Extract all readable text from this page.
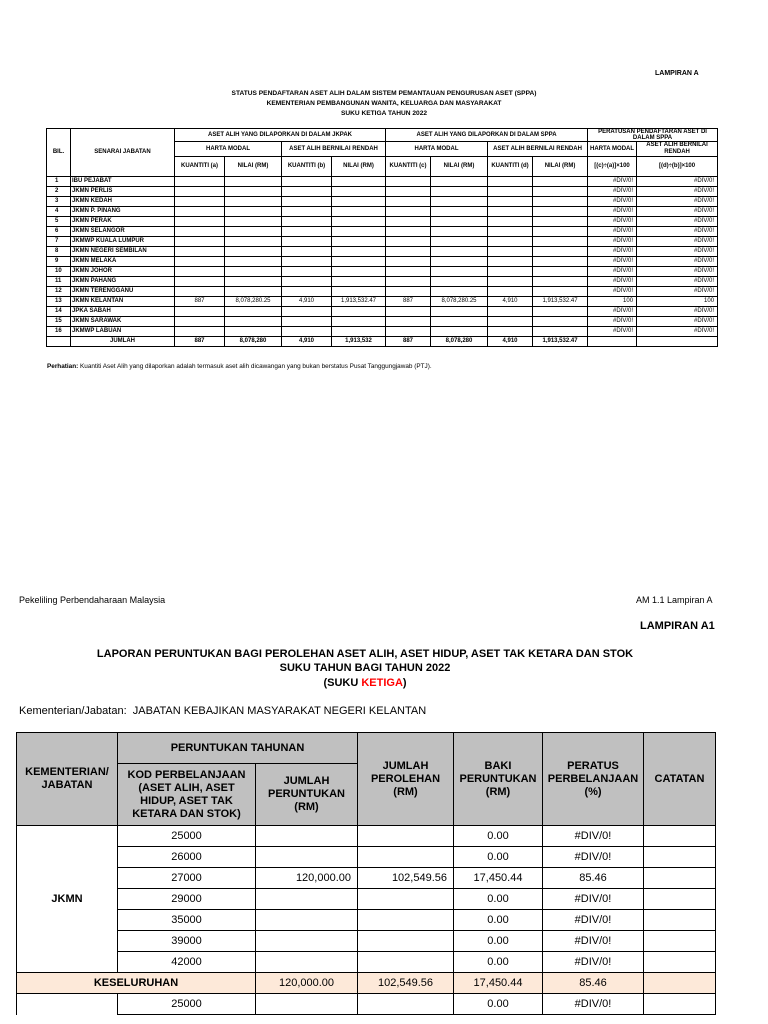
LAMPIRAN A
STATUS PENDAFTARAN ASET ALIH DALAM SISTEM PEMANTAUAN PENGURUSAN ASET (SPPA)
KEMENTERIAN PEMBANGUNAN WANITA, KELUARGA DAN MASYARAKAT
SUKU KETIGA TAHUN 2022
BIL.	SENARAI JABATAN	ASET ALIH YANG DILAPORKAN DI DALAM JKPAK				ASET ALIH YANG DILAPORKAN DI DALAM SPPA				PERATUSAN PENDAFTARAN ASET DI DALAM SPPA	
		HARTA MODAL		ASET ALIH BERNILAI RENDAH		HARTA MODAL		ASET ALIH BERNILAI RENDAH		HARTA MODAL	ASET ALIH BERNILAI RENDAH
		KUANTITI (a)	NILAI (RM)	KUANTITI (b)	NILAI (RM)	KUANTITI (c)	NILAI (RM)	KUANTITI (d)	NILAI (RM)	[(c)÷(a)]×100	[(d)÷(b)]×100
1	IBU PEJABAT									#DIV/0!	#DIV/0!
2	JKMN PERLIS									#DIV/0!	#DIV/0!
3	JKMN KEDAH									#DIV/0!	#DIV/0!
4	JKMN P. PINANG									#DIV/0!	#DIV/0!
5	JKMN PERAK									#DIV/0!	#DIV/0!
6	JKMN SELANGOR									#DIV/0!	#DIV/0!
7	JKMWP KUALA LUMPUR									#DIV/0!	#DIV/0!
8	JKMN NEGERI SEMBILAN									#DIV/0!	#DIV/0!
9	JKMN MELAKA									#DIV/0!	#DIV/0!
10	JKMN JOHOR									#DIV/0!	#DIV/0!
11	JKMN PAHANG									#DIV/0!	#DIV/0!
12	JKMN TERENGGANU									#DIV/0!	#DIV/0!
13	JKMN KELANTAN	887	8,078,280.25	4,910	1,913,532.47	887	8,078,280.25	4,910	1,913,532.47	100	100
14	JPKA SABAH									#DIV/0!	#DIV/0!
15	JKMN SARAWAK									#DIV/0!	#DIV/0!
16	JKMWP LABUAN									#DIV/0!	#DIV/0!
	JUMLAH	887	8,078,280	4,910	1,913,532	887	8,078,280	4,910	1,913,532.47		
Perhatian: Kuantiti Aset Alih yang dilaporkan adalah termasuk aset alih dicawangan yang bukan berstatus Pusat Tanggungjawab (PTJ).
Pekeliling Perbendaharaan Malaysia	AM 1.1 Lampiran A
LAMPIRAN A1
LAPORAN PERUNTUKAN BAGI PEROLEHAN ASET ALIH, ASET HIDUP, ASET TAK KETARA DAN STOK
SUKU TAHUN BAGI TAHUN 2022
(SUKU KETIGA)
Kementerian/Jabatan: JABATAN KEBAJIKAN MASYARAKAT NEGERI KELANTAN
KEMENTERIAN/ JABATAN	PERUNTUKAN TAHUNAN		JUMLAH PEROLEHAN (RM)	BAKI PERUNTUKAN (RM)	PERATUS PERBELANJAAN (%)	CATATAN
	KOD PERBELANJAAN (ASET ALIH, ASET HIDUP, ASET TAK KETARA DAN STOK)	JUMLAH PERUNTUKAN (RM)				
JKMN	25000			0.00	#DIV/0!	
	26000			0.00	#DIV/0!	
	27000	120,000.00	102,549.56	17,450.44	85.46	
	29000			0.00	#DIV/0!	
	35000			0.00	#DIV/0!	
	39000			0.00	#DIV/0!	
	42000			0.00	#DIV/0!	
KESELURUHAN		120,000.00	102,549.56	17,450.44	85.46	
	25000			0.00	#DIV/0!	
